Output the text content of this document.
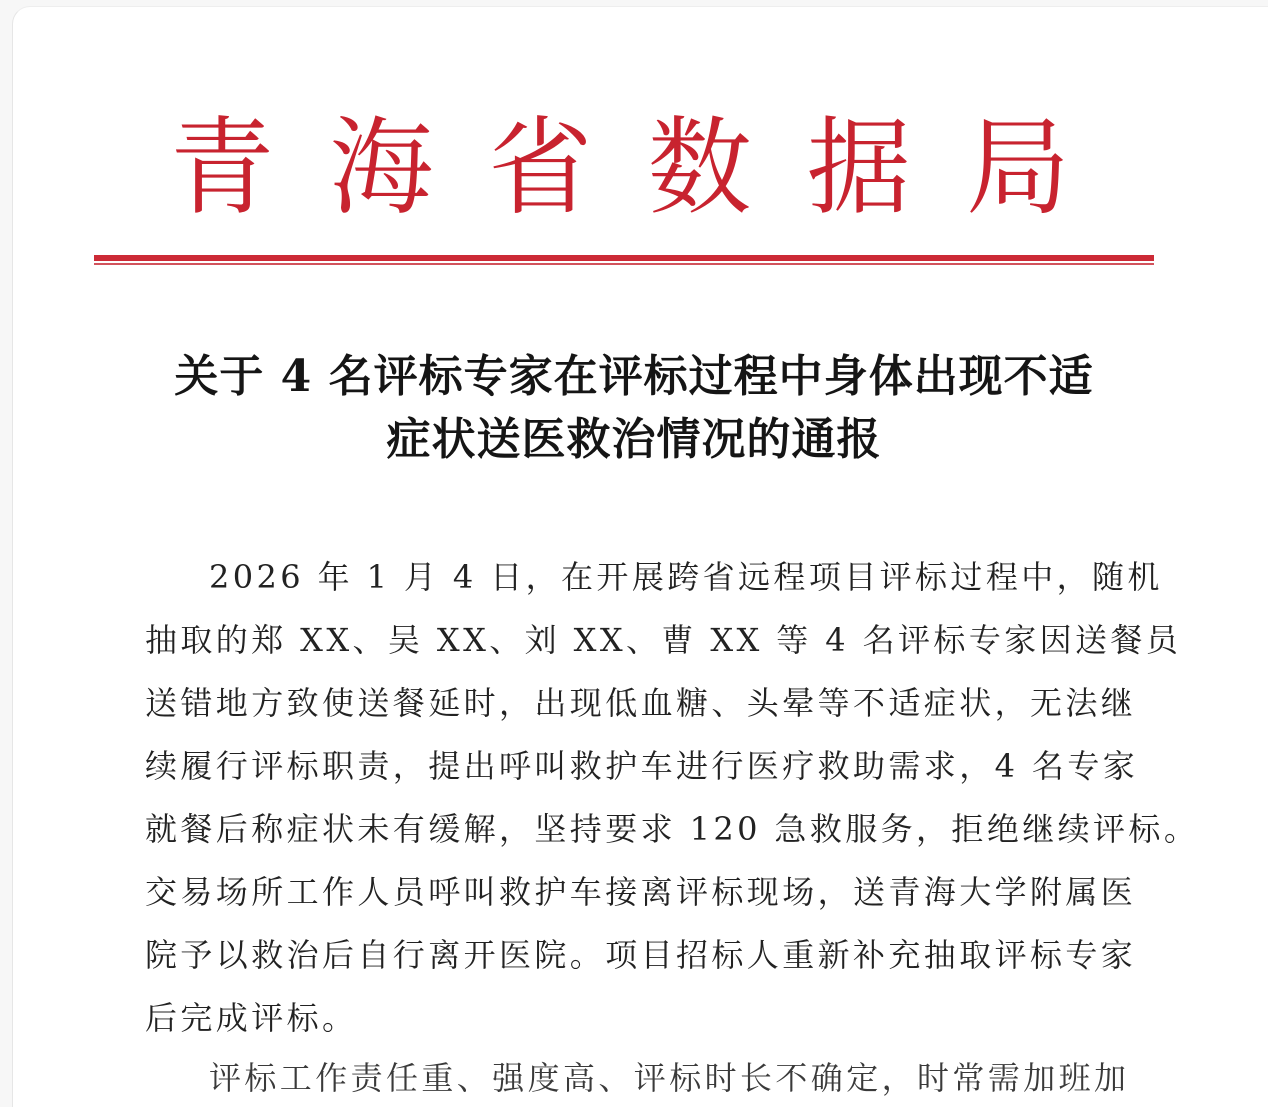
青 海 省 数 据 局
关于 4 名评标专家在评标过程中身体出现不适
症状送医救治情况的通报
2026 年 1 月 4 日，在开展跨省远程项目评标过程中，随机
抽取的郑 XX、吴 XX、刘 XX、曹 XX 等 4 名评标专家因送餐员
送错地方致使送餐延时，出现低血糖、头晕等不适症状，无法继
续履行评标职责，提出呼叫救护车进行医疗救助需求，4 名专家
就餐后称症状未有缓解，坚持要求 120 急救服务，拒绝继续评标。
交易场所工作人员呼叫救护车接离评标现场，送青海大学附属医
院予以救治后自行离开医院。项目招标人重新补充抽取评标专家
后完成评标。
评标工作责任重、强度高、评标时长不确定，时常需加班加
